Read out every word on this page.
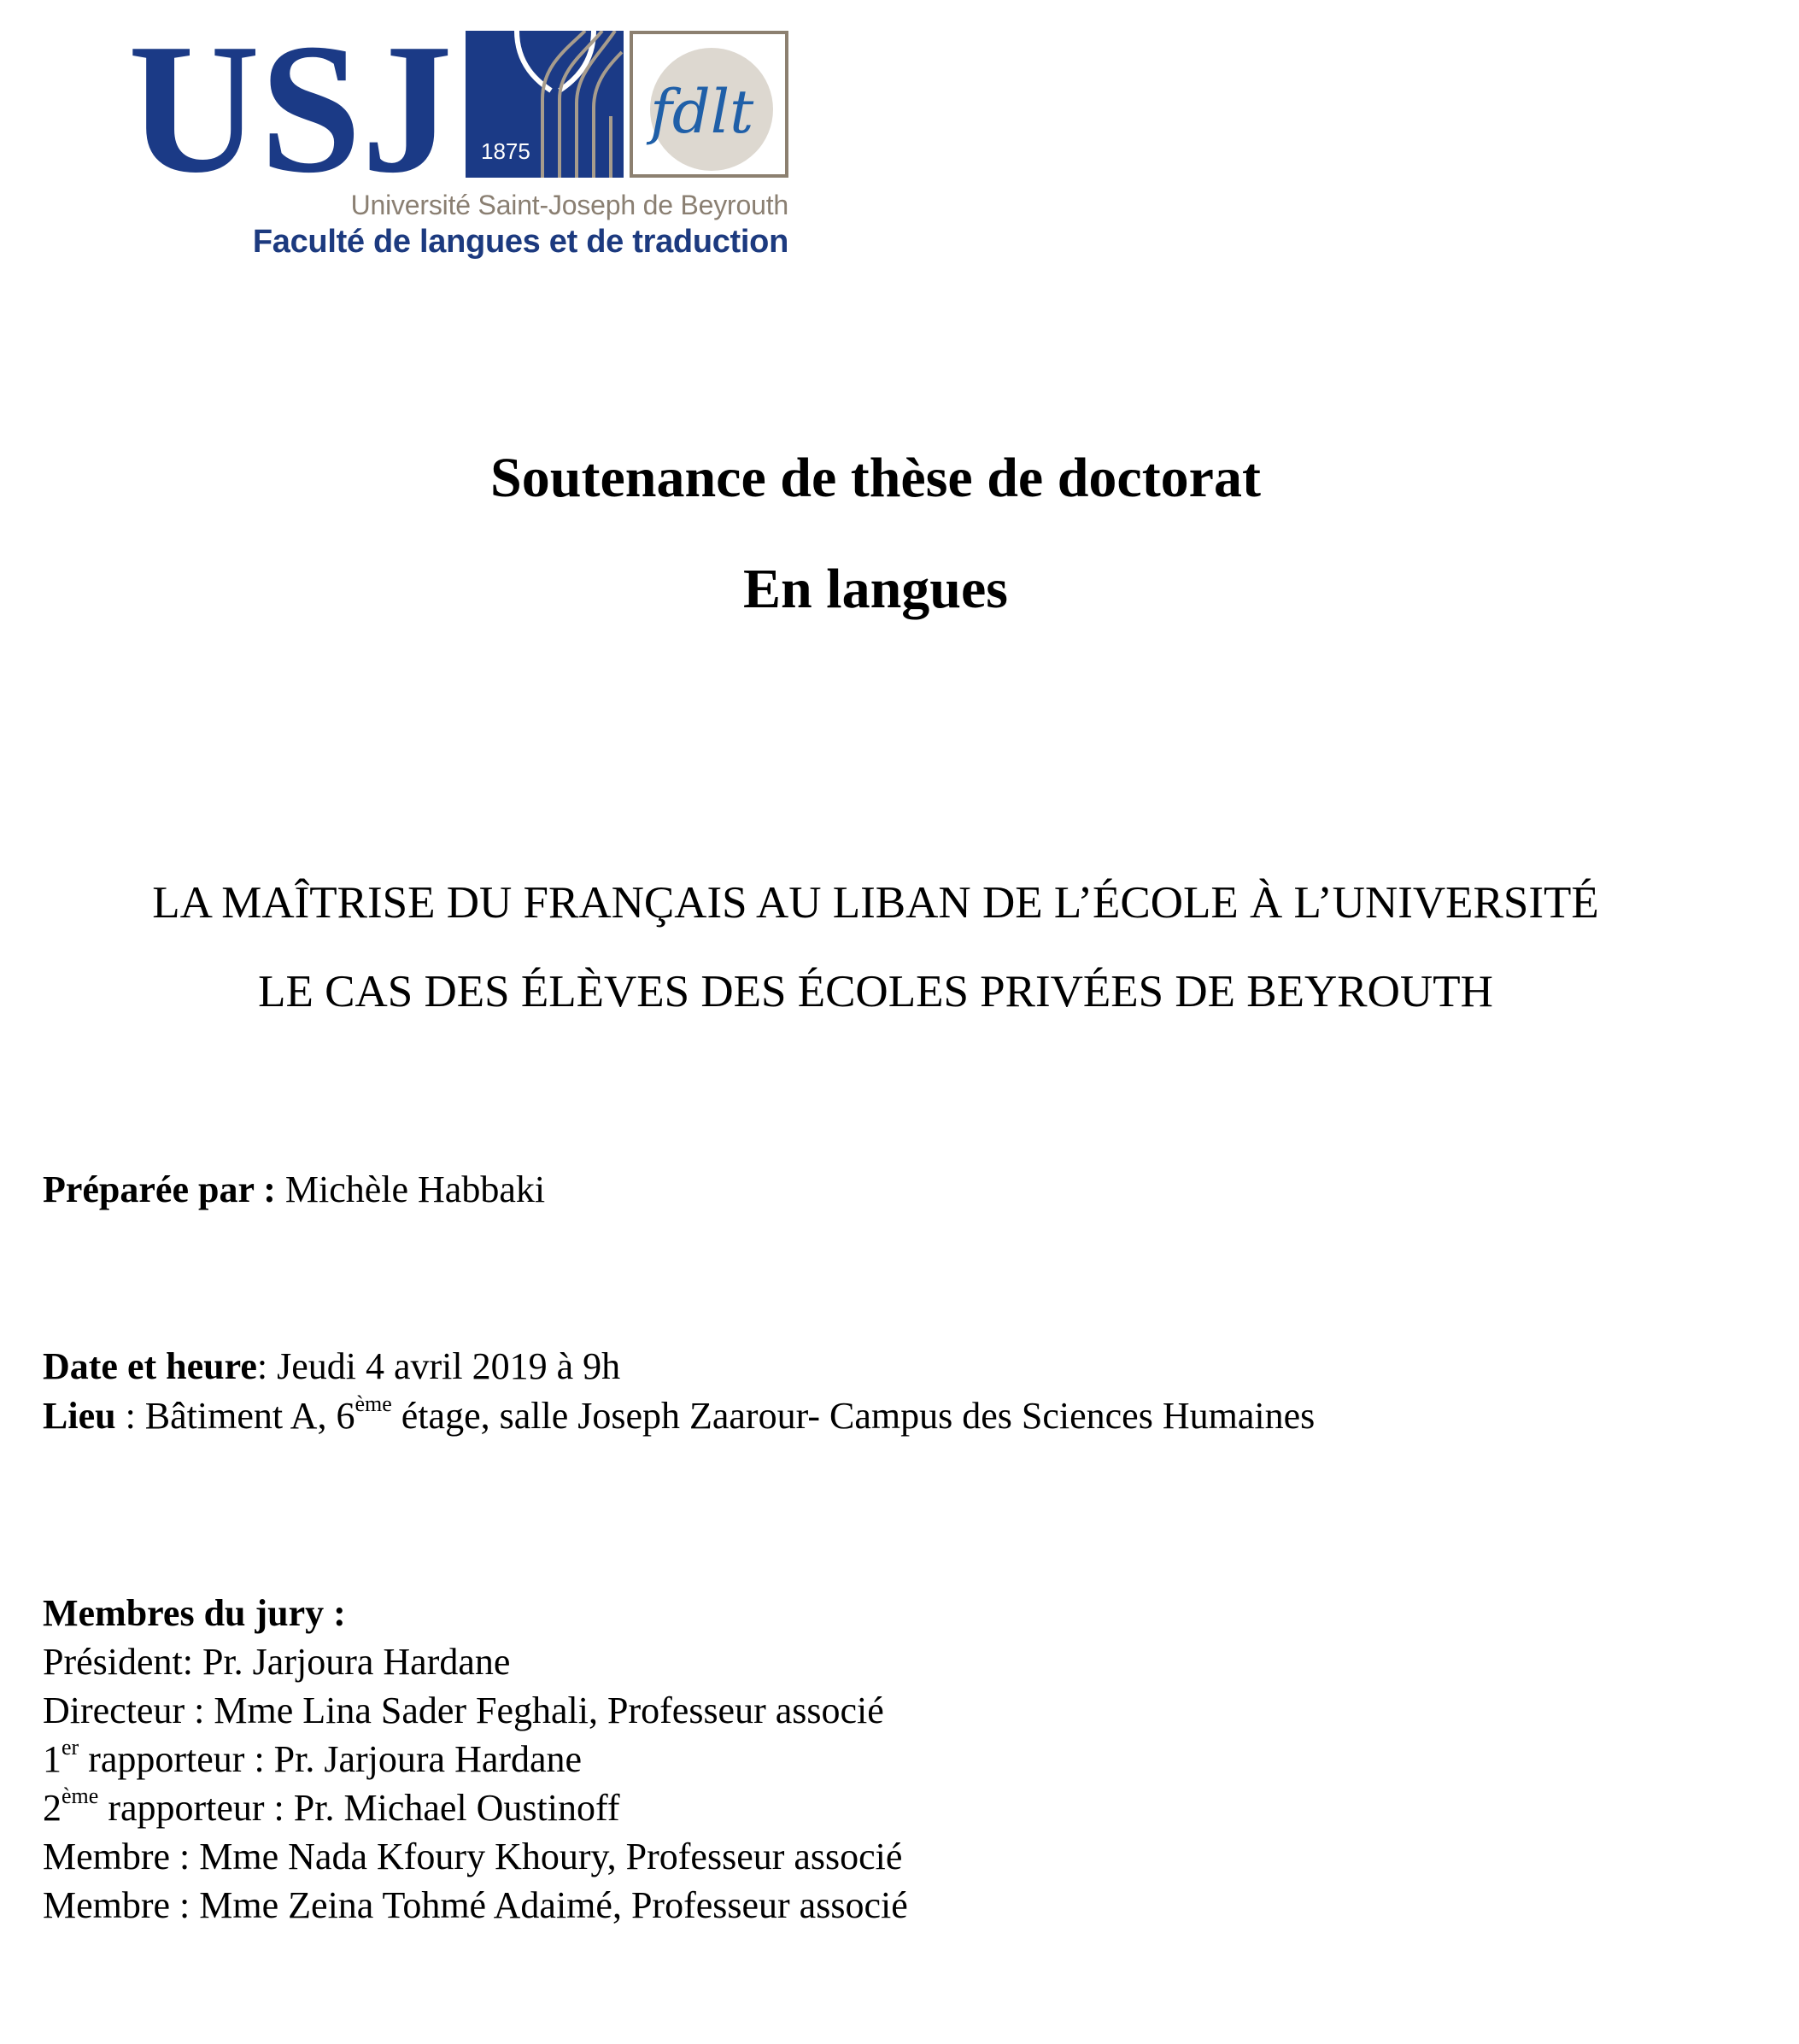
USJ 1875
fdlt
Université Saint-Joseph de Beyrouth
Faculté de langues et de traduction
Soutenance de thèse de doctorat
En langues
LA MAÎTRISE DU FRANÇAIS AU LIBAN DE L’ÉCOLE À L’UNIVERSITÉ
LE CAS DES ÉLÈVES DES ÉCOLES PRIVÉES DE BEYROUTH
Préparée par : Michèle Habbaki
Date et heure: Jeudi 4 avril 2019 à 9h
Lieu : Bâtiment A, 6ème étage, salle Joseph Zaarour- Campus des Sciences Humaines
Membres du jury :
Président: Pr. Jarjoura Hardane
Directeur : Mme Lina Sader Feghali, Professeur associé
1er rapporteur : Pr. Jarjoura Hardane
2ème rapporteur : Pr. Michael Oustinoff
Membre : Mme Nada Kfoury Khoury, Professeur associé
Membre : Mme Zeina Tohmé Adaimé, Professeur associé
